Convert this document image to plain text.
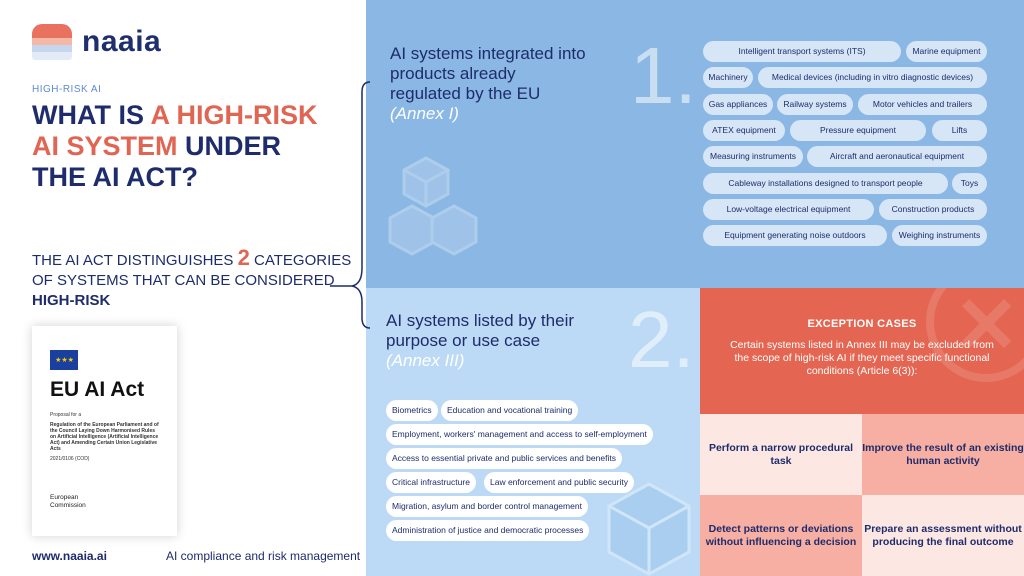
naaia
HIGH-RISK AI
WHAT IS A HIGH-RISK
AI SYSTEM UNDER
THE AI ACT?
THE AI ACT DISTINGUISHES 2 CATEGORIES OF SYSTEMS THAT CAN BE CONSIDERED HIGH-RISK
★ ★ ★
EU AI Act
Proposal for a
Regulation of the European Parliament and of the Council Laying Down Harmonised Rules on Artificial Intelligence (Artificial Intelligence Act) and Amending Certain Union Legislative Acts
2021/0106 (COD)
European
Commission
www.naaia.ai	AI compliance and risk management
AI systems integrated into products already regulated by the EU
(Annex I)	1.	Intelligent transport systems (ITS)	Marine equipment
Machinery	Medical devices (including in vitro diagnostic devices)
Gas appliances	Railway systems	Motor vehicles and trailers
ATEX equipment	Pressure equipment	Lifts
Measuring instruments	Aircraft and aeronautical equipment
Cableway installations designed to transport people	Toys
Low-voltage electrical equipment	Construction products
Equipment generating noise outdoors	Weighing instruments
AI systems listed by their purpose or use case
(Annex III)	2.
Biometrics	Education and vocational training
Employment, workers' management and access to self-employment
Access to essential private and public services and benefits
Critical infrastructure	Law enforcement and public security
Migration, asylum and border control management
Administration of justice and democratic processes
✕
EXCEPTION CASES
Certain systems listed in Annex III may be excluded from the scope of high-risk AI if they meet specific functional conditions (Article 6(3)):
Perform a narrow procedural task
Improve the result of an existing human activity
Detect patterns or deviations without influencing a decision
Prepare an assessment without producing the final outcome
